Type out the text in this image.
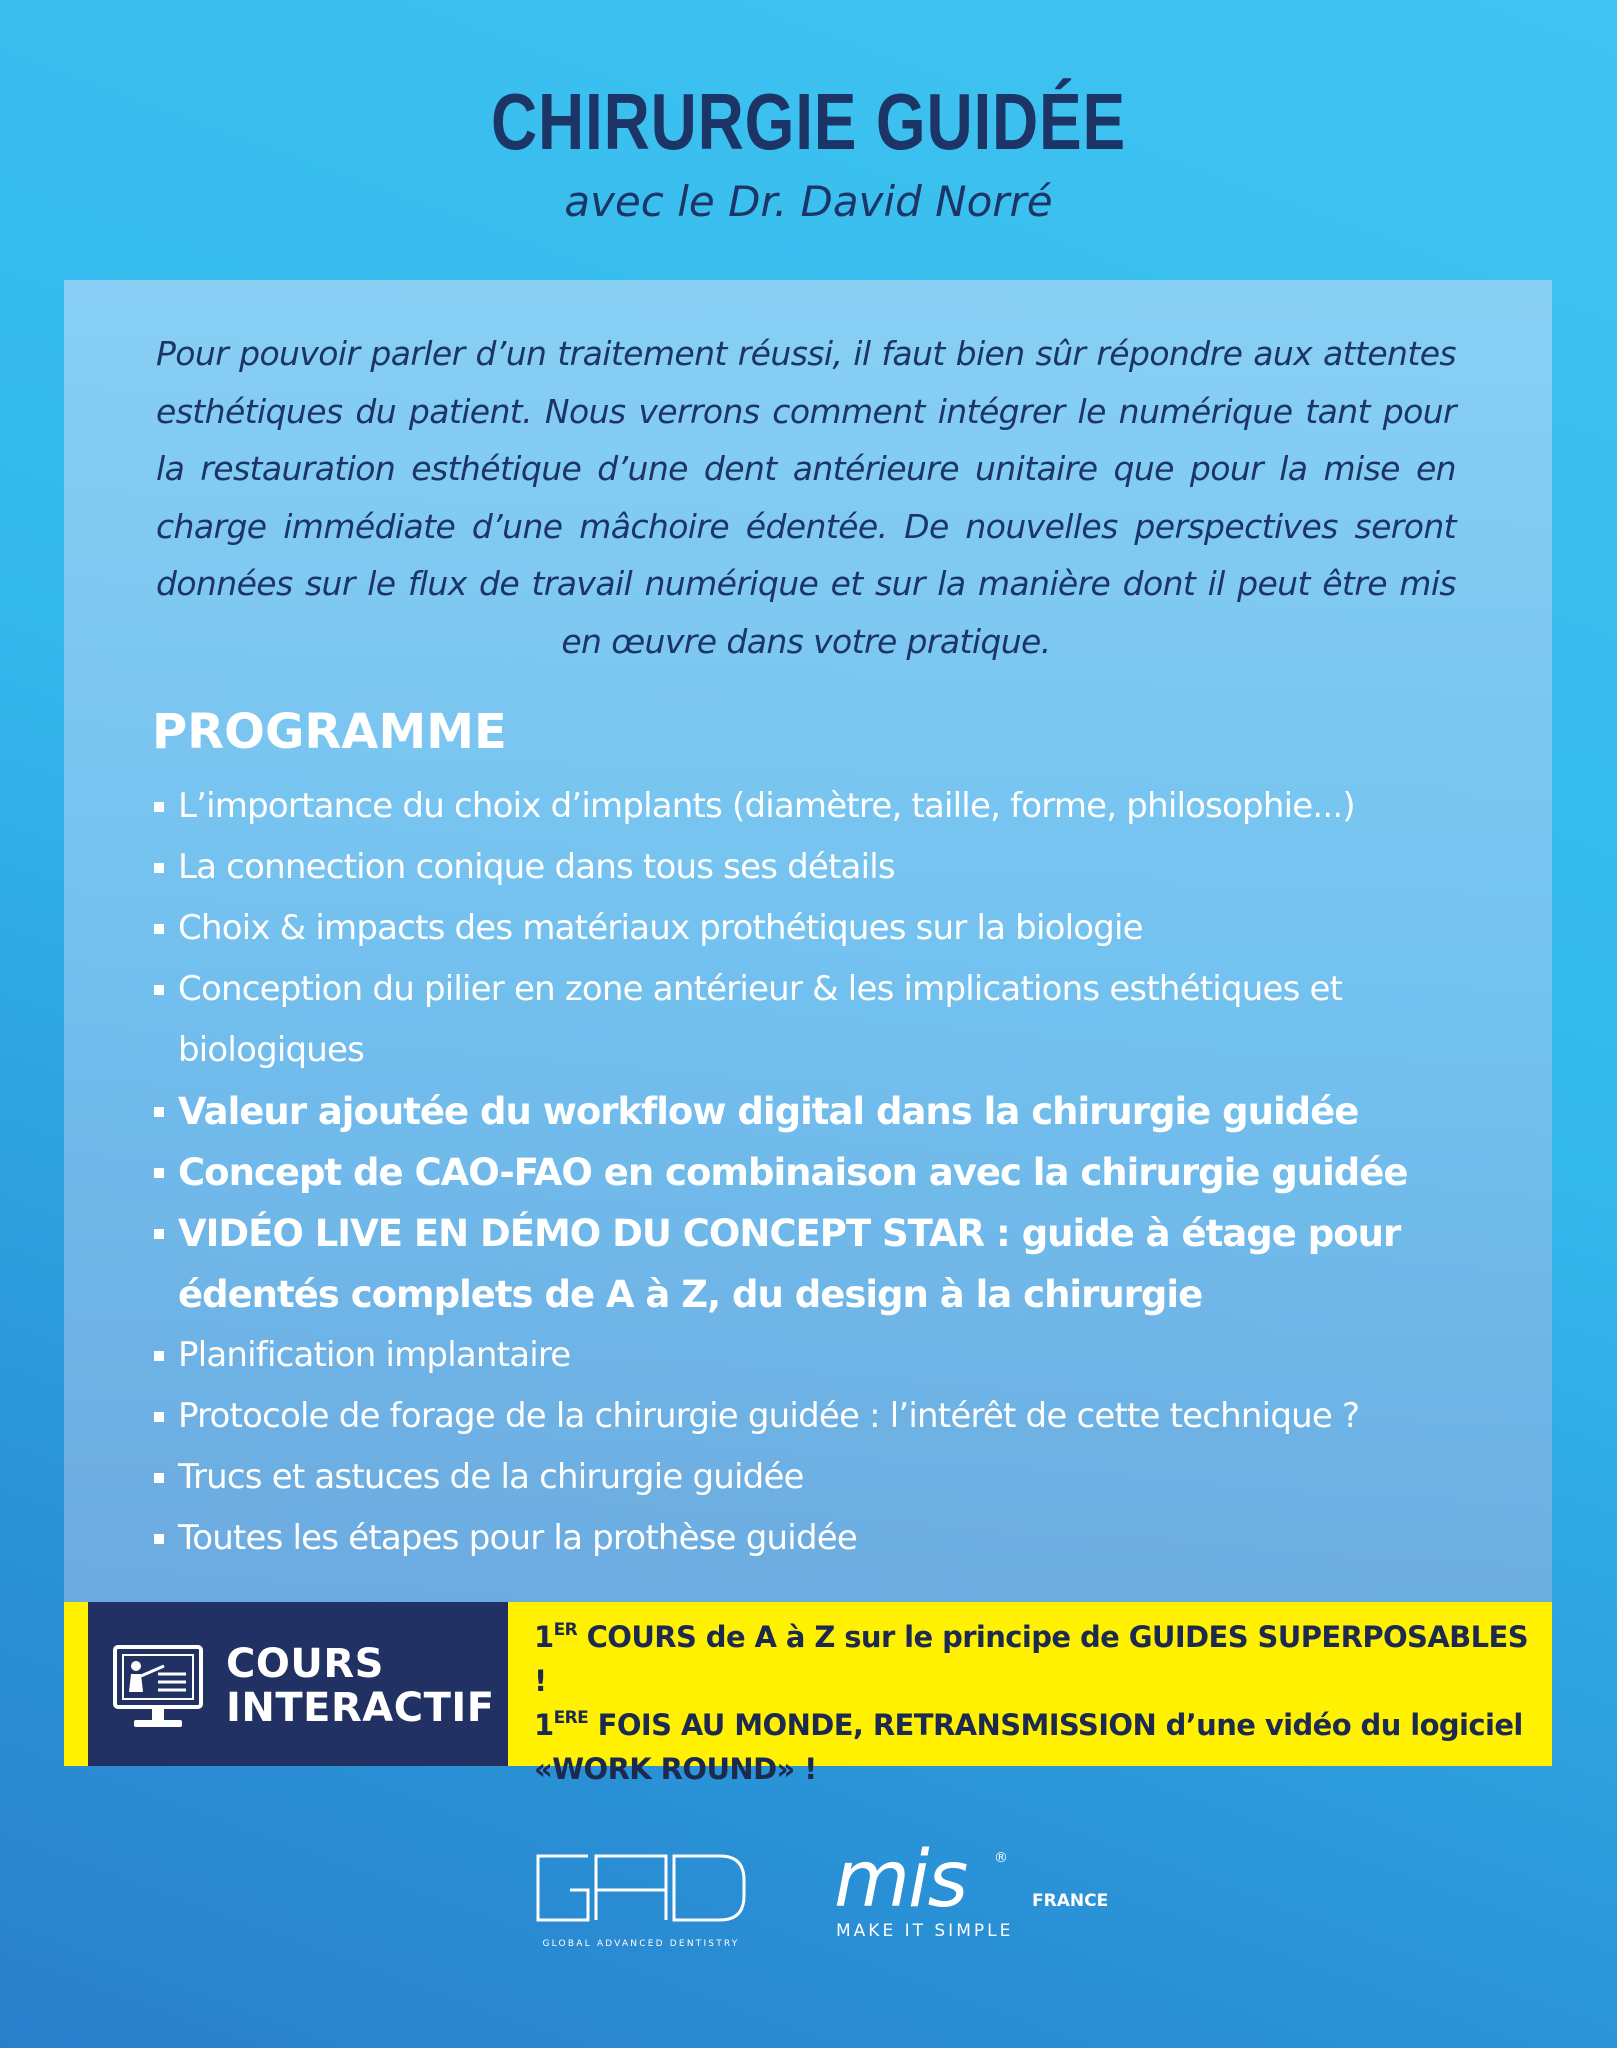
CHIRURGIE GUIDÉE
avec le Dr. David Norré
Pour pouvoir parler d’un traitement réussi, il faut bien sûr répondre aux attentes esthétiques du patient. Nous verrons comment intégrer le numérique tant pour la restauration esthétique d’une dent antérieure unitaire que pour la mise en charge immédiate d’une mâchoire édentée. De nouvelles perspectives seront données sur le flux de travail numérique et sur la manière dont il peut être mis en œuvre dans votre pratique.
PROGRAMME
L’importance du choix d’implants (diamètre, taille, forme, philosophie...)
La connection conique dans tous ses détails
Choix & impacts des matériaux prothétiques sur la biologie
Conception du pilier en zone antérieur & les implications esthétiques et biologiques
Valeur ajoutée du workflow digital dans la chirurgie guidée
Concept de CAO-FAO en combinaison avec la chirurgie guidée
VIDÉO LIVE EN DÉMO DU CONCEPT STAR : guide à étage pour édentés complets de A à Z, du design à la chirurgie
Planification implantaire
Protocole de forage de la chirurgie guidée : l’intérêt de cette technique ?
Trucs et astuces de la chirurgie guidée
Toutes les étapes pour la prothèse guidée
COURS
INTERACTIF
1ER COURS de A à Z sur le principe de GUIDES SUPERPOSABLES !
1ERE FOIS AU MONDE, RETRANSMISSION d’une vidéo du logiciel «WORK ROUND» !
GLOBAL ADVANCED DENTISTRY
mis ®
FRANCE
MAKE IT SIMPLE
